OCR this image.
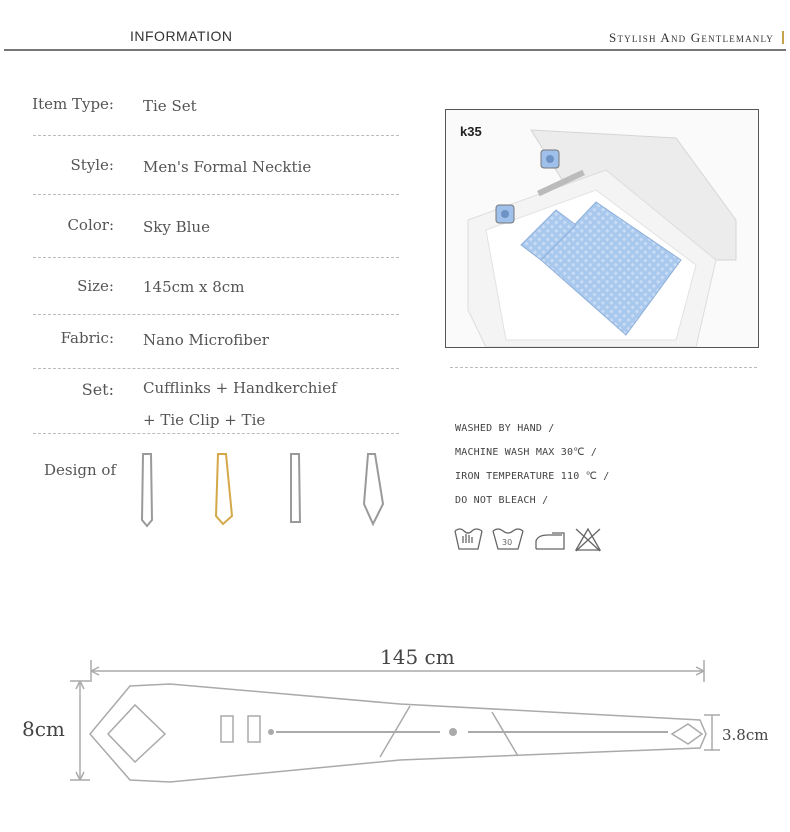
INFORMATION	Stylish And Gentlemanly
Item Type: Tie Set
Style: Men's Formal Necktie
Color: Sky Blue
Size: 145cm x 8cm
Fabric: Nano Microfiber
Set: Cufflinks + Handkerchief
+ Tie Clip + Tie
Design of
k35
WASHED BY HAND /
MACHINE WASH MAX 30℃ /
IRON TEMPERATURE 110 ℃ /
DO NOT BLEACH /
30
145 cm
8cm	3.8cm
